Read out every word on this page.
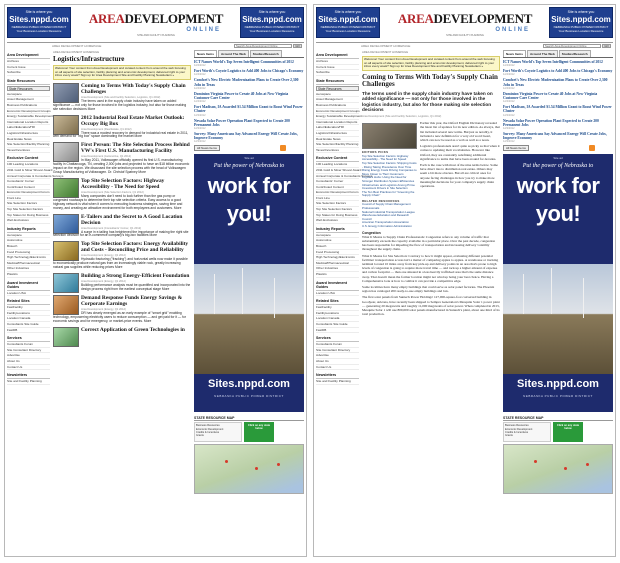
Site is where you
Sites.nppd.com
NEBRASKA PUBLIC POWER DISTRICT
Your Business Location Resource
AREADEVELOPMENT
ONLINE
SITE AND FACILITY PLANNING
Site is where you
Sites.nppd.com
NEBRASKA PUBLIC POWER DISTRICT
Your Business Location Resource
AREA DEVELOPMENT HOMEPAGE	Search Area Development Online	GO
Area Development
Archives
Current Issue
Subscribe
State Resources
State Resources
Aerospace
Asset Management
Business Publications
Economic Development Groups
Energy Sustainable Development
International Location Reports
Labor/Education/HR
Logistics/Infrastructure
Real Estate News
Site Selection/Facility Planning
Taxes/Incentives
Exclusive Content
100 Leading Locations
2011 Gold & Silver Shovel Award
Annual Corporate & Consultants Surveys
Consultants' Corner
Contributed Content
Economic Development Forum
Front Line
Site Selection Factors
Top Site Selection Factors
Top States for Doing Business
Web Exclusives
Industry Reports
Aerospace
Automotive
Biotech
Food Processing
High Technology/Electronics
Medical/Pharmaceutical
Other Industries
Plastics
Award Investment Guides
Location USA
Related Sites
FastFacility
FacilityLocations
Location Canada
Consultants Site Guide
FastDB
Services
Consultants Forum
Site Consultant Directory
Advertise
About Us
Contact Us
Newsletters
Site and Facility Planning
AREA DEVELOPMENT HOMEPAGE
Logistics/Infrastructure
Welcome! Your content from Area Development and curated content from around the web focusing on all aspects of site selection, facility planning and economic development, delivered right to your inbox every week? Sign up for Area Development Site and Facility Planning Newsletters »
Coming to Terms With Today's Supply Chain Challenges
Area Development (Site and Facility Selection, Logistics, Q1 2012)
The terms used in the supply chain industry have taken on added significance — not only for those involved in the logistics industry, but also for those making site selection decisions More
2012 Industrial Real Estate Market Outlook: Occupy Big Box
Area Development (Real Estate, Q1 2012)
There was a modest recovery in demand for industrial real estate in 2011, with demand for "big box" space dominating the market More
First Person: The Site Selection Process Behind VW's First U.S. Manufacturing Facility
Area Development (Automotive, Q1 2012)
In May 2011, Volkswagen officially opened its first U.S. manufacturing facility in Chattanooga, TN, creating 2,000 jobs and projected to have an $18 billion economic impact on the region. We discussed the site selection process with the head of Volkswagen Group Manufacturing at Volkswagen. Dr. Christof Spatney More
Top Site Selection Factors: Highway Accessibility - The Need for Speed
Area Development (Site Selection Factors, Q1 2012)
Many companies don't need to look further than the gas pump or congested roadways to determine their top site selection criteria. Easy access to a good highway network is vital when it comes to executing business strategies, saving time and money, and creating an attractive environment for both employees and customers. More
E-Tailers and the Secret to A Good Location Decision
Area Development (Consultants' Corner, Q1 2012)
A surge in e-tailing has heightened the importance of making the right site selection decision for an e-commerce company's big-box facilities More
Top Site Selection Factors: Energy Availability and Costs - Reconciling Price and Reliability
Area Development (Energy, Q1 2012)
Hydraulic fracturing ("fracking") and horizontal wells now make it possible to economically produce natural gas from an increasingly viable rock, greatly increasing natural gas supplies while reducing prices More
Building a Strong Energy-Efficient Foundation
Area Development (Energy, Q1 2012)
Building performance analysis must be quantified and incorporated into the design process right from the earliest conceptual stage More
Demand Response Funds Energy Savings & Corporate Earnings
Area Development (Energy, Q1 2012)
DR has clearly emerged as an early example of "smart grid" enabling technology, empowering electricity users to reduce consumption — and get paid for it — for economic savings and for emergency, or market-price events. More
Correct Application of Green Technologies in
News Items	Around The Web	Studies/Research
ICT Names World's Top Seven Intelligent Communities of 2012
1/24/2012
Fort Worth's Coyote Logistics to Add 400 Jobs to Chicago's Economy
1/24/2012
Comfort's New Electric Modernization Plans to Create Over 2,300 Jobs in Texas
1/24/2012
Dominion Virginia Power to Create 40 Jobs at New Virginia Customer Care Center
1/24/2012
Fort Madison, IA Awarded $1.54 Million Grant to Boost Wind Power Cluster
1/23/2012
Nevada Solar Power Operation Plant Expected to Create 200 Permanent Jobs
1/23/2012
Survey: Many Americans Say Advanced Energy Will Create Jobs, Improve Economy
1/23/2012
All News Items
Site ad
Put the power of Nebraska to
work for
you!
Sites.nppd.com
NEBRASKA PUBLIC POWER DISTRICT
STATE RESOURCE MAP
Business Resources
Economic Development
Credits & Incentives
Grants
Click on any state below
Site is where you
Sites.nppd.com
NEBRASKA PUBLIC POWER DISTRICT
Your Business Location Resource
AREADEVELOPMENT
ONLINE
SITE AND FACILITY PLANNING
Site is where you
Sites.nppd.com
NEBRASKA PUBLIC POWER DISTRICT
Your Business Location Resource
AREA DEVELOPMENT HOMEPAGE	Search Area Development Online	GO
Area Development
Archives
Current Issue
Subscribe
State Resources
State Resources
Aerospace
Asset Management
Business Publications
Economic Development Groups
Energy Sustainable Development
International Location Reports
Labor/Education/HR
Logistics/Infrastructure
Real Estate News
Site Selection/Facility Planning
Taxes/Incentives
Exclusive Content
100 Leading Locations
2011 Gold & Silver Shovel Award
Annual Corporate & Consultants Surveys
Consultants' Corner
Contributed Content
Economic Development Forum
Front Line
Site Selection Factors
Top Site Selection Factors
Top States for Doing Business
Web Exclusives
Industry Reports
Aerospace
Automotive
Biotech
Food Processing
High Technology/Electronics
Medical/Pharmaceutical
Other Industries
Plastics
Award Investment Guides
Location USA
Related Sites
FastFacility
FacilityLocations
Location Canada
Consultants Site Guide
FastDB
Services
Consultants Forum
Site Consultant Directory
Advertise
About Us
Contact Us
Newsletters
Site and Facility Planning
AREA DEVELOPMENT HOMEPAGE
Welcome! Your content from Area Development and curated content from around the web focusing on all aspects of site selection, facility planning and economic development, delivered right to your inbox every week? Sign up for Area Development Site and Facility Planning Newsletters »
Coming to Terms With Today's Supply Chain Challenges
The terms used in the supply chain industry have taken on added significance — not only for those involved in the logistics industry, but also for those making site selection decisions
Area Development (Site and Facility Selection, Logistics, Q1 2012)
EDITORS PICKS
Top Site Selection Factors: Highway Accessibility - The Need for Speed
Top Site Selection Factors: Shipping Costs - Rising Taking Precedence Over Time
Rising Energy Costs Driving Companies to Move Closer to Their Customers
Logistics Hubs: Using the Need for Stronger Distribution System Efficiencies
Infrastructure and Logistics Among Prime Investment Drivers in Site Selection
The Ten Best Practices for "Greening the Supply Chain"
RELATED RESOURCES
Council of Supply Chain Management Professionals
National Industrial Transportation League
Warehouse Education and Research Council
American Transportation Association
U.S. Energy Information Administration

Earlier this year, the Oxford English Dictionary revealed the latest list of updates for its new edition. As always, that list included several new terms. But just as notably, it included a new definition for a very old word: heart, which can now be used as a verb as well as a noun.

Logistics professionals aren't quite as picky as that when it comes to updating their vocabularies. However like Oxford, they are constantly redefining additional significance to terms that have been around for decades.

Each is the case with most of the nine terms below. Some have direct ties to distribution real estate. Others may seem a bit more obscure. But all are critical ones for anyone facing challenges in how you try to make more meaningful decisions for your company's supply chain operations.

Congestion

What It Means to Supply Chain Professionals: Congestion refers to any volume of traffic that substantially exceeds the capacity available in a particular place. Over the past decade, congestion has been responsible for impeding the flow of transportation and increasing delivery volatility throughout the supply chain.

What It Means for Site Selection: Contrary to how it might appear, evaluating different potential facilities' transportation access isn't a matter of comparing apples to apples. A warehouse or trucking terminal located 10 miles away from key pick-up and delivery points in an area that's prone to high levels of congestion is going to require more travel time — and rack up a higher amount of expense and carbon footprint — than one situated in a less heavily trafficked area that's the same distance away. That doesn't mean the former location might not wind up being your best choice. Having a Comprehensive look at how to combat it can provide a competitive edge.

Some localities have many empty buildings that could serve as solar panel factories. The Phoenix region has cataloged 200 ready-to-use empty buildings and lots.

The first solar panels from Suntech Power Holdings' 127,000-square-foot converted building in Goodyear, Arizona, have recently been shipped to Sempra Generation's Mesquite Solar 1 power plant — generating 20 megawatts and roughly 11,000 megawatts of solar power. When completed in 2013, Mesquite Solar 1 will use 800,000 solar panels manufactured in Suntech's plant, about one third of its total production.

News Items	Around The Web	Studies/Research
ICT Names World's Top Seven Intelligent Communities of 2012
1/24/2012
Fort Worth's Coyote Logistics to Add 400 Jobs to Chicago's Economy
1/24/2012
Comfort's New Electric Modernization Plans to Create Over 2,300 Jobs in Texas
1/24/2012
Dominion Virginia Power to Create 40 Jobs at New Virginia Customer Care Center
1/24/2012
Fort Madison, IA Awarded $1.54 Million Grant to Boost Wind Power Cluster
1/23/2012
Nevada Solar Power Operation Plant Expected to Create 200 Permanent Jobs
1/23/2012
Survey: Many Americans Say Advanced Energy Will Create Jobs, Improve Economy
1/23/2012
All News Items
Site ad
Put the power of Nebraska to
work for
you!
Sites.nppd.com
NEBRASKA PUBLIC POWER DISTRICT
STATE RESOURCE MAP
Business Resources
Economic Development
Credits & Incentives
Grants
Click on any state below
